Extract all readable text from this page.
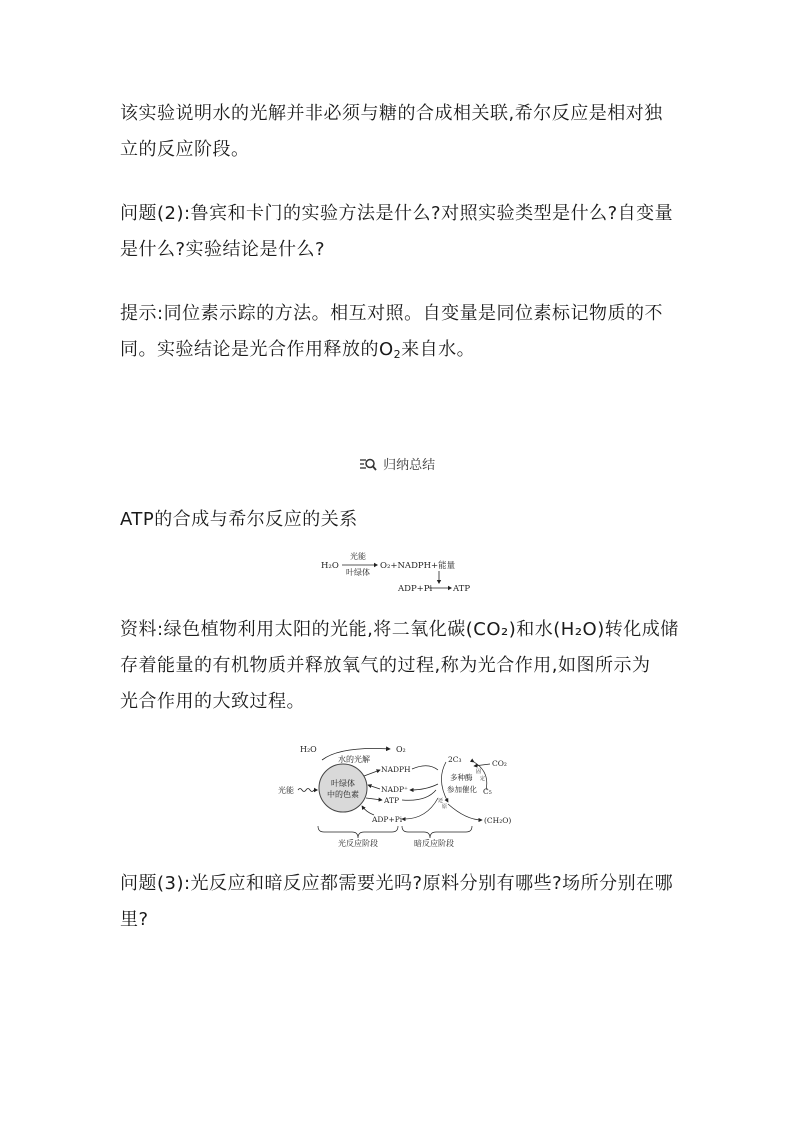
该实验说明水的光解并非必须与糖的合成相关联,希尔反应是相对独
立的反应阶段。
问题(2):鲁宾和卡门的实验方法是什么?对照实验类型是什么?自变量
是什么?实验结论是什么?
提示:同位素示踪的方法。相互对照。自变量是同位素标记物质的不
同。实验结论是光合作用释放的$O_2$来自水。
归纳总结
ATP的合成与希尔反应的关系
H₂O
光能
叶绿体
O₂+NADPH+能量
ADP+Pi ATP
资料:绿色植物利用太阳的光能,将二氧化碳(CO₂)和水(H₂O)转化成储
存着能量的有机物质并释放氧气的过程,称为光合作用,如图所示为
光合作用的大致过程。
H₂O
水的光解
O₂
光能
叶绿体
中的色素
NADPH
NADP⁺
ATP
ADP+Pi
2C₃	CO₂
多种酶
参加催化 C₅
固
定
还
原
(CH₂O)
光反应阶段	暗反应阶段
问题(3):光反应和暗反应都需要光吗?原料分别有哪些?场所分别在哪
里?
